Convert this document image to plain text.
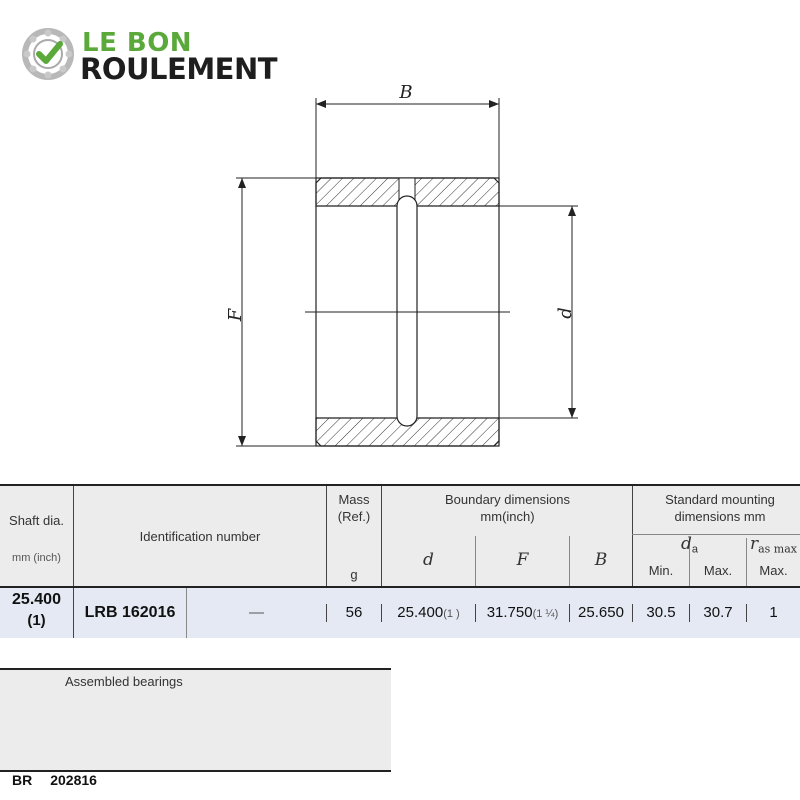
LE BON
ROULEMENT
B
F	d
Shaft dia.
mm (inch)
Identification number
Mass (Ref.)
g
Boundary dimensions mm(inch)
d	F	B
Standard mounting dimensions mm
$d_a$	$r_{as max}$
Min.	Max.	Max.
25.400
(1)	LRB 162016	—	56	25.400(1 )	31.750(1 ¼)	25.650	30.5	30.7	1
Assembled bearings
BR 202816
